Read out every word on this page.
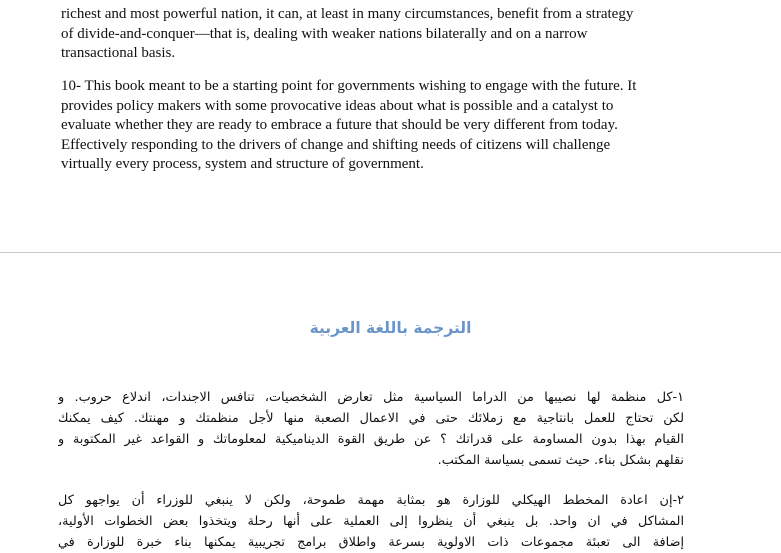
richest and most powerful nation, it can, at least in many circumstances, benefit from a strategy
of divide-and-conquer—that is, dealing with weaker nations bilaterally and on a narrow
transactional basis.
10- This book meant to be a starting point for governments wishing to engage with the future. It
provides policy makers with some provocative ideas about what is possible and a catalyst to
evaluate whether they are ready to embrace a future that should be very different from today.
Effectively responding to the drivers of change and shifting needs of citizens will challenge
virtually every process, system and structure of government.
الترجمة باللغة العربية
١-كل منظمة لها نصيبها من الدراما السياسية مثل تعارض الشخصيات، تنافس الاجندات، اندلاع حروب. و
لكن تحتاج للعمل بانتاجية مع زملائك حتى في الاعمال الصعبة منها لأجل منظمتك و مهنتك. كيف يمكنك
القيام بهذا بدون المساومة على قدراتك ؟ عن طريق القوة الديناميكية لمعلوماتك و القواعد غير المكتوبة و
نقلهم بشكل بناء. حيث تسمى بسياسة المكتب.
٢-إن اعادة المخطط الهيكلي للوزارة هو بمثابة مهمة طموحة، ولكن لا ينبغي للوزراء أن يواجهو كل
المشاكل في ان واحد. بل ينبغي أن ينظروا إلى العملية على أنها رحلة ويتخذوا بعض الخطوات الأولية،
إضافة الى تعبئة مجموعات ذات الاولوية بسرعة واطلاق برامج تجريبية يمكنها بناء خبرة للوزارة في
